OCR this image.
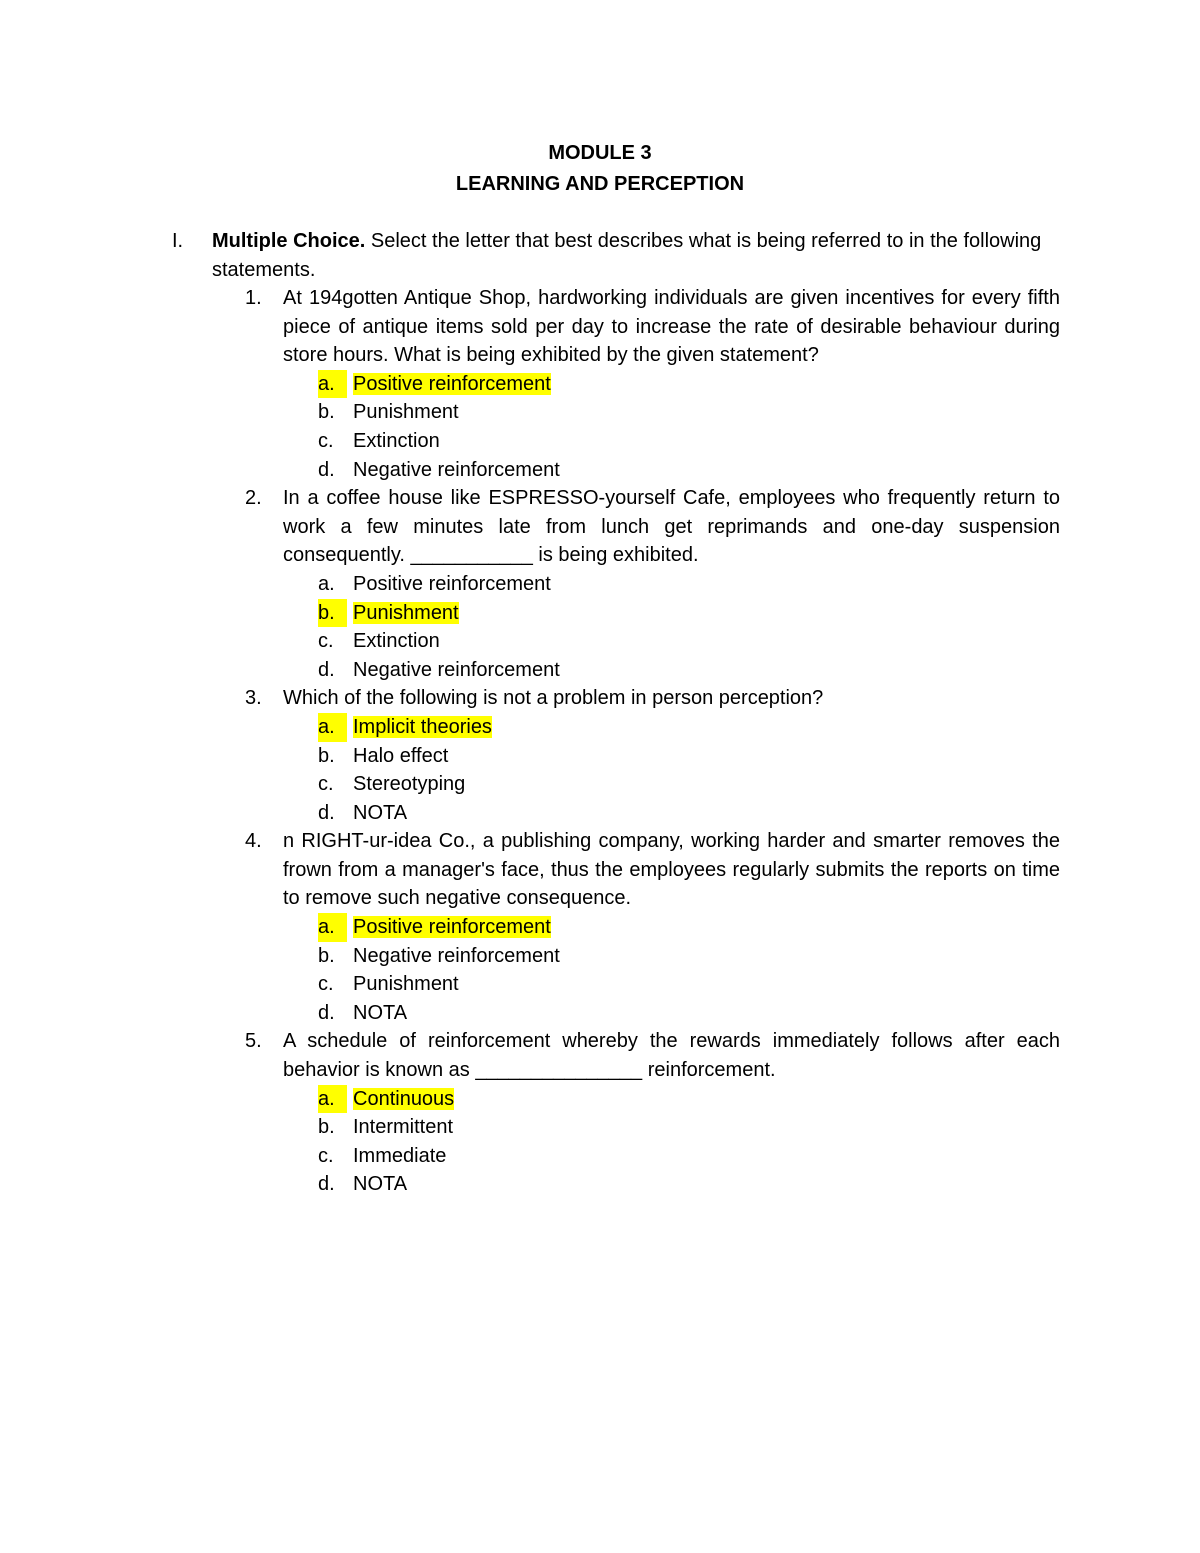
MODULE 3
LEARNING AND PERCEPTION
I. Multiple Choice. Select the letter that best describes what is being referred to in the following statements.
1. At 194gotten Antique Shop, hardworking individuals are given incentives for every fifth piece of antique items sold per day to increase the rate of desirable behaviour during store hours. What is being exhibited by the given statement?
a. Positive reinforcement
b. Punishment
c. Extinction
d. Negative reinforcement
2. In a coffee house like ESPRESSO-yourself Cafe, employees who frequently return to work a few minutes late from lunch get reprimands and one-day suspension consequently. ___________ is being exhibited.
a. Positive reinforcement
b. Punishment
c. Extinction
d. Negative reinforcement
3. Which of the following is not a problem in person perception?
a. Implicit theories
b. Halo effect
c. Stereotyping
d. NOTA
4. n RIGHT-ur-idea Co., a publishing company, working harder and smarter removes the frown from a manager's face, thus the employees regularly submits the reports on time to remove such negative consequence.
a. Positive reinforcement
b. Negative reinforcement
c. Punishment
d. NOTA
5. A schedule of reinforcement whereby the rewards immediately follows after each behavior is known as _______________ reinforcement.
a. Continuous
b. Intermittent
c. Immediate
d. NOTA
